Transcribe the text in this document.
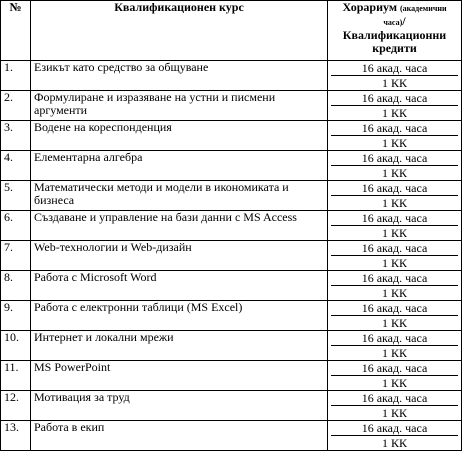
№	Квалификационен курс	Хорариум (академични часа)/
Квалификационни
кредити

1.	Езикът като средство за общуване	16 акад. часа
1 КК

2.	Формулиране и изразяване на устни и писмени аргументи	16 акад. часа
1 КК

3.	Водене на кореспонденция	16 акад. часа
1 КК

4.	Елементарна алгебра	16 акад. часа
1 КК

5.	Математически методи и модели в икономиката и бизнеса	16 акад. часа
1 КК

6.	Създаване и управление на бази данни с MS Access	16 акад. часа
1 КК

7.	Web-технологии и Web-дизайн	16 акад. часа
1 КК

8.	Работа с Microsoft Word	16 акад. часа
1 КК

9.	Работа с електронни таблици (MS Excel)	16 акад. часа
1 КК

10.	Интернет и локални мрежи	16 акад. часа
1 КК

11.	MS PowerPoint	16 акад. часа
1 КК

12.	Мотивация за труд	16 акад. часа
1 КК

13.	Работа в екип	16 акад. часа
1 КК
